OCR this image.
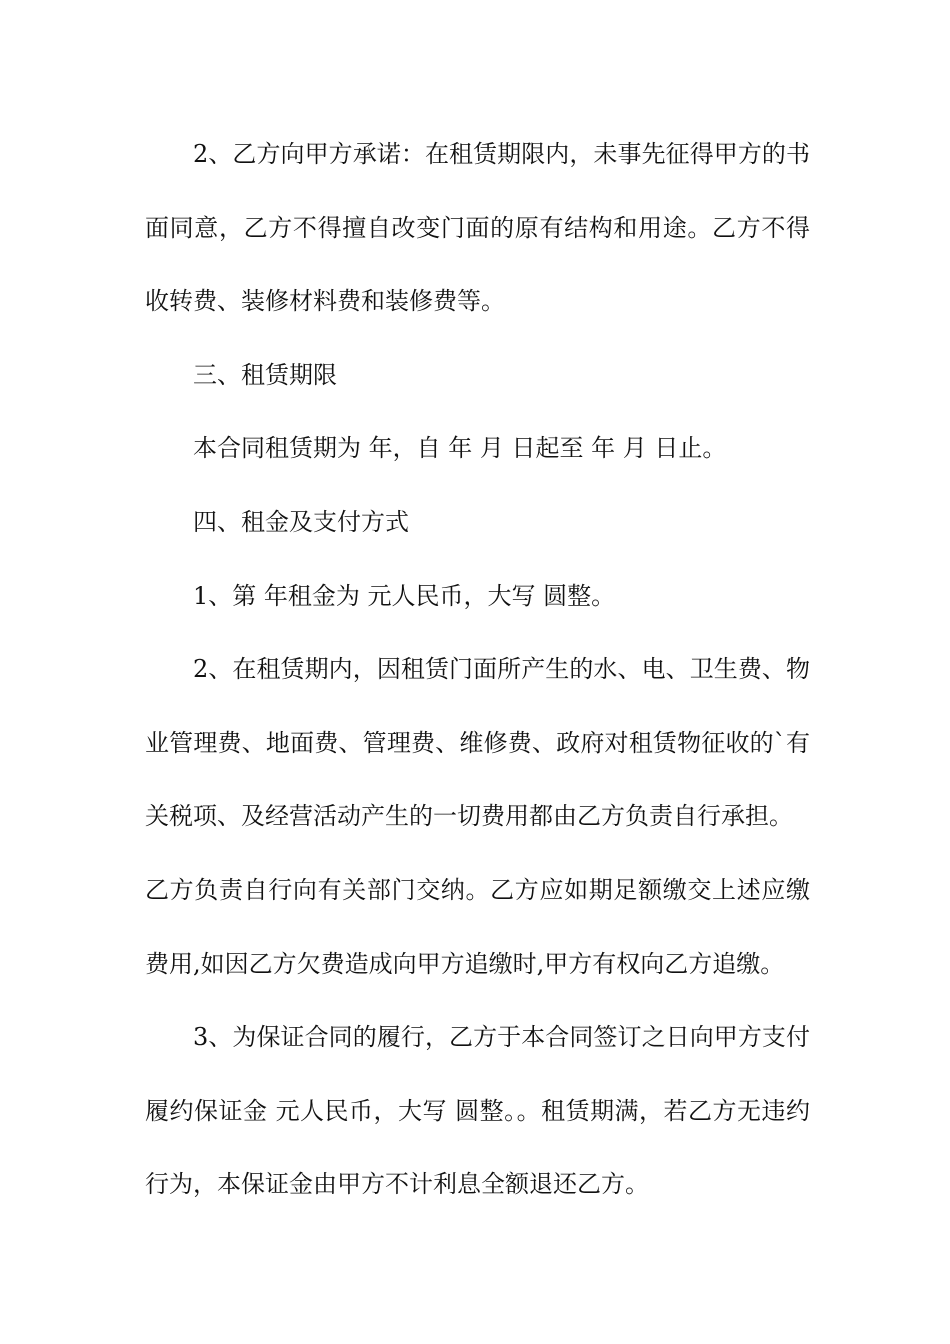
2、乙方向甲方承诺：在租赁期限内，未事先征得甲方的书面同意，乙方不得擅自改变门面的原有结构和用途。乙方不得收转费、装修材料费和装修费等。

三、租赁期限

本合同租赁期为 年，自 年 月 日起至 年 月 日止。

四、租金及支付方式

1、第 年租金为 元人民币，大写 圆整。

2、在租赁期内，因租赁门面所产生的水、电、卫生费、物业管理费、地面费、管理费、维修费、政府对租赁物征收的`有关税项、及经营活动产生的一切费用都由乙方负责自行承担。

乙方负责自行向有关部门交纳。乙方应如期足额缴交上述应缴费用,如因乙方欠费造成向甲方追缴时,甲方有权向乙方追缴。

3、为保证合同的履行，乙方于本合同签订之日向甲方支付履约保证金 元人民币，大写 圆整。。租赁期满，若乙方无违约行为，本保证金由甲方不计利息全额退还乙方。
